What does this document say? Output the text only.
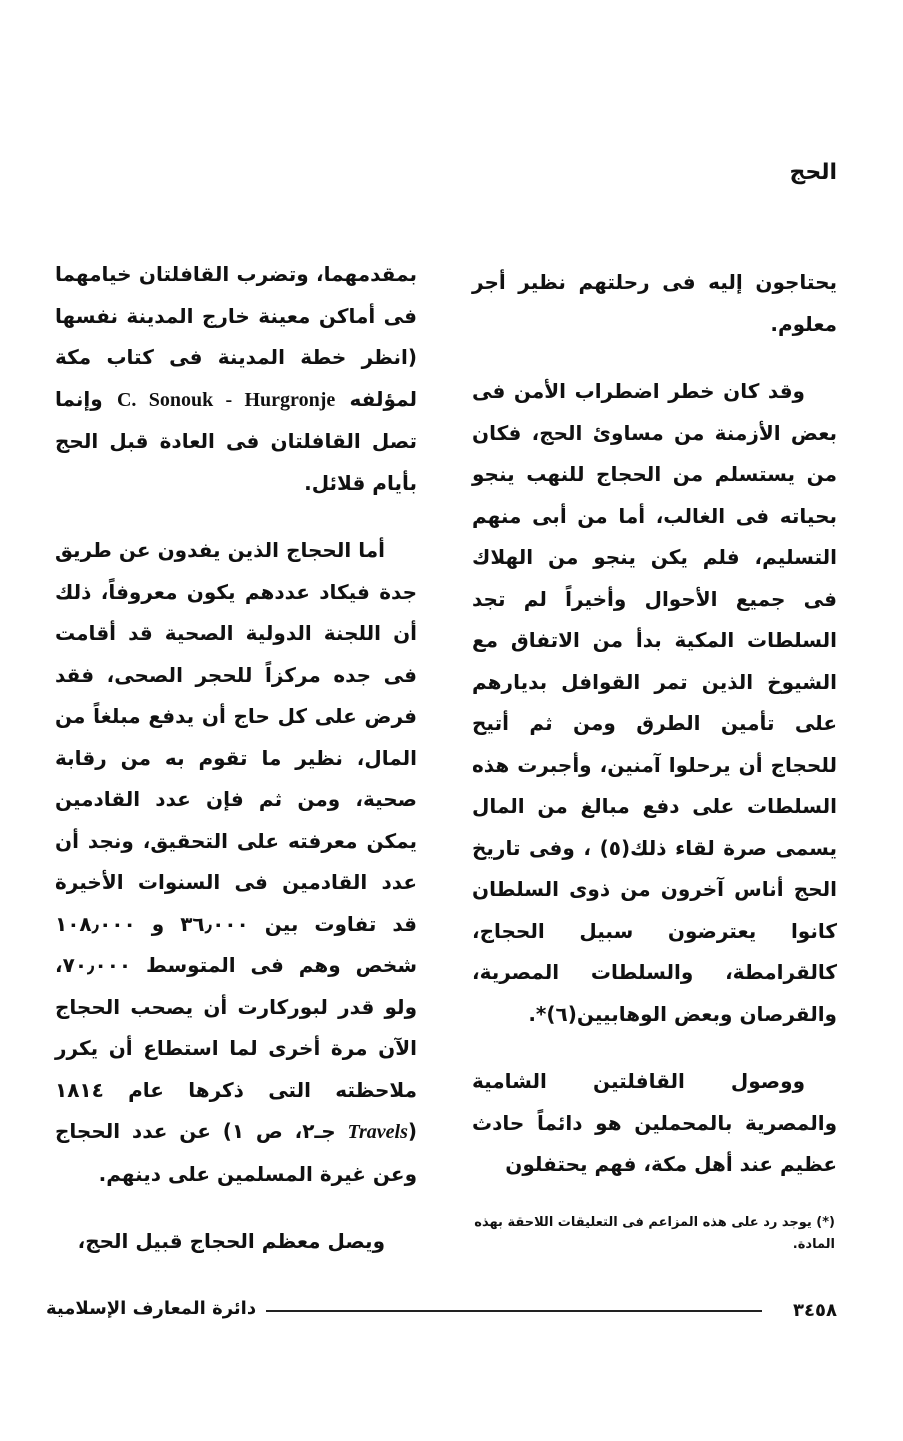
الحج

يحتاجون إليه فى رحلتهم نظير أجر معلوم.

وقد كان خطر اضطراب الأمن فى بعض الأزمنة من مساوئ الحج، فكان من يستسلم من الحجاج للنهب ينجو بحياته فى الغالب، أما من أبى منهم التسليم، فلم يكن ينجو من الهلاك فى جميع الأحوال وأخيراً لم تجد السلطات المكية بدأ من الاتفاق مع الشيوخ الذين تمر القوافل بديارهم على تأمين الطرق ومن ثم أتيح للحجاج أن يرحلوا آمنين، وأجبرت هذه السلطات على دفع مبالغ من المال يسمى صرة لقاء ذلك(٥) ، وفى تاريخ الحج أناس آخرون من ذوى السلطان كانوا يعترضون سبيل الحجاج، كالقرامطة، والسلطات المصرية، والقرصان وبعض الوهابيين(٦)*.

ووصول القافلتين الشامية والمصرية بالمحملين هو دائماً حادث عظيم عند أهل مكة، فهم يحتفلون

بمقدمهما، وتضرب القافلتان خيامهما فى أماكن معينة خارج المدينة نفسها (انظر خطة المدينة فى كتاب مكة لمؤلفه C. Sonouk - Hurgronje وإنما تصل القافلتان فى العادة قبل الحج بأيام قلائل.

أما الحجاج الذين يفدون عن طريق جدة فيكاد عددهم يكون معروفاً، ذلك أن اللجنة الدولية الصحية قد أقامت فى جده مركزاً للحجر الصحى، فقد فرض على كل حاج أن يدفع مبلغاً من المال، نظير ما تقوم به من رقابة صحية، ومن ثم فإن عدد القادمين يمكن معرفته على التحقيق، ونجد أن عدد القادمين فى السنوات الأخيرة قد تفاوت بين ٣٦٫٠٠٠ و ١٠٨٫٠٠٠ شخص وهم فى المتوسط ٧٠٫٠٠٠، ولو قدر لبوركارت أن يصحب الحجاج الآن مرة أخرى لما استطاع أن يكرر ملاحظته التى ذكرها عام ١٨١٤ (Travels جـ٢، ص ١) عن عدد الحجاج وعن غيرة المسلمين على دينهم.

ويصل معظم الحجاج قبيل الحج،

(*) يوجد رد على هذه المزاعم فى التعليقات اللاحقة بهذه المادة.
دائرة المعارف الإسلامية	٣٤٥٨
